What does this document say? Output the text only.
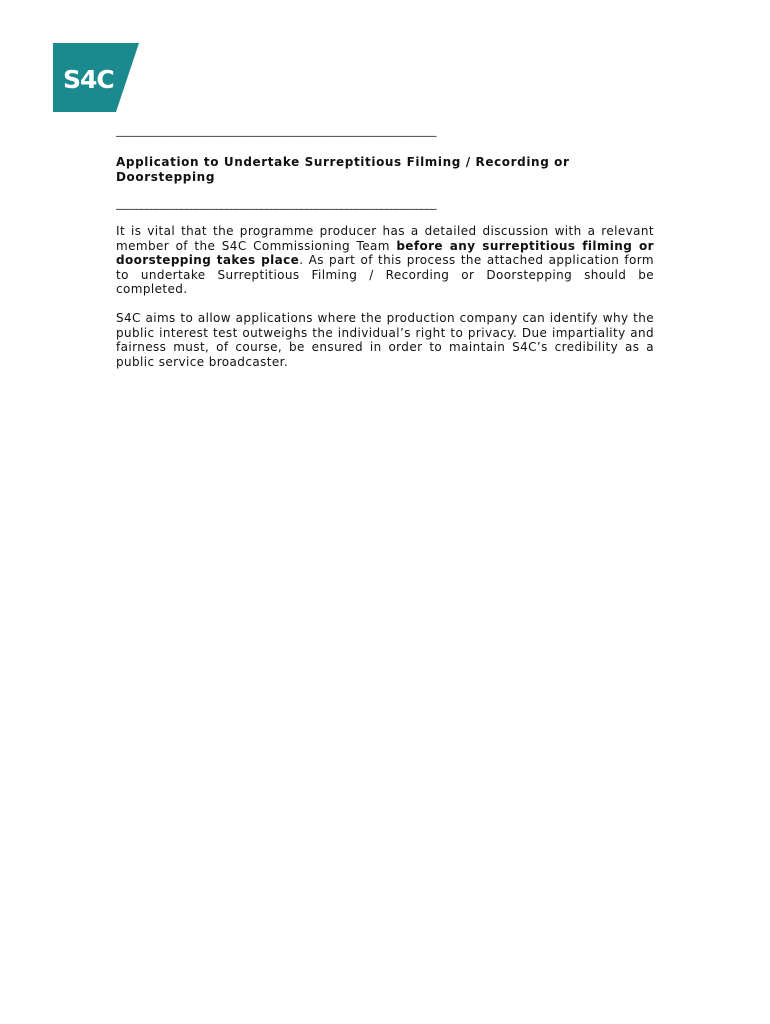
S4C
________________________________________________________________
Application to Undertake Surreptitious Filming / Recording or Doorstepping
________________________________________________________________

It is vital that the programme producer has a detailed discussion with a relevant member of the S4C Commissioning Team before any surreptitious filming or doorstepping takes place. As part of this process the attached application form to undertake Surreptitious Filming / Recording or Doorstepping should be completed.

S4C aims to allow applications where the production company can identify why the public interest test outweighs the individual’s right to privacy. Due impartiality and fairness must, of course, be ensured in order to maintain S4C’s credibility as a public service broadcaster.
